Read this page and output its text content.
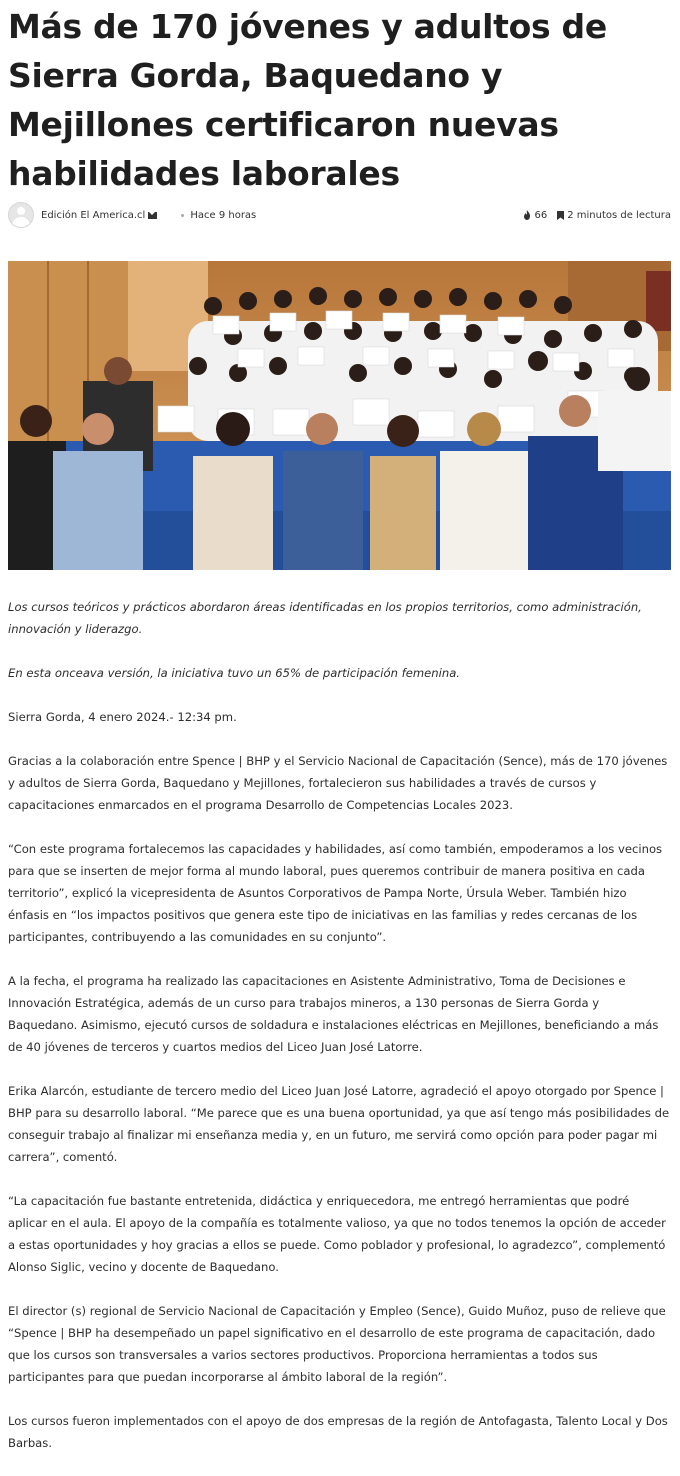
Más de 170 jóvenes y adultos de Sierra Gorda, Baquedano y Mejillones certificaron nuevas habilidades laborales
Edición El America.cl	Hace 9 horas	66 2 minutos de lectura

Los cursos teóricos y prácticos abordaron áreas identificadas en los propios territorios, como administración, innovación y liderazgo.

En esta onceava versión, la iniciativa tuvo un 65% de participación femenina.

Sierra Gorda, 4 enero 2024.- 12:34 pm.

Gracias a la colaboración entre Spence | BHP y el Servicio Nacional de Capacitación (Sence), más de 170 jóvenes y adultos de Sierra Gorda, Baquedano y Mejillones, fortalecieron sus habilidades a través de cursos y capacitaciones enmarcados en el programa Desarrollo de Competencias Locales 2023.

“Con este programa fortalecemos las capacidades y habilidades, así como también, empoderamos a los vecinos para que se inserten de mejor forma al mundo laboral, pues queremos contribuir de manera positiva en cada territorio”, explicó la vicepresidenta de Asuntos Corporativos de Pampa Norte, Úrsula Weber. También hizo énfasis en “los impactos positivos que genera este tipo de iniciativas en las familias y redes cercanas de los participantes, contribuyendo a las comunidades en su conjunto”.

A la fecha, el programa ha realizado las capacitaciones en Asistente Administrativo, Toma de Decisiones e Innovación Estratégica, además de un curso para trabajos mineros, a 130 personas de Sierra Gorda y Baquedano. Asimismo, ejecutó cursos de soldadura e instalaciones eléctricas en Mejillones, beneficiando a más de 40 jóvenes de terceros y cuartos medios del Liceo Juan José Latorre.

Erika Alarcón, estudiante de tercero medio del Liceo Juan José Latorre, agradeció el apoyo otorgado por Spence | BHP para su desarrollo laboral. “Me parece que es una buena oportunidad, ya que así tengo más posibilidades de conseguir trabajo al finalizar mi enseñanza media y, en un futuro, me servirá como opción para poder pagar mi carrera”, comentó.

“La capacitación fue bastante entretenida, didáctica y enriquecedora, me entregó herramientas que podré aplicar en el aula. El apoyo de la compañía es totalmente valioso, ya que no todos tenemos la opción de acceder a estas oportunidades y hoy gracias a ellos se puede. Como poblador y profesional, lo agradezco”, complementó Alonso Siglic, vecino y docente de Baquedano.

El director (s) regional de Servicio Nacional de Capacitación y Empleo (Sence), Guido Muñoz, puso de relieve que “Spence | BHP ha desempeñado un papel significativo en el desarrollo de este programa de capacitación, dado que los cursos son transversales a varios sectores productivos. Proporciona herramientas a todos sus participantes para que puedan incorporarse al ámbito laboral de la región”.

Los cursos fueron implementados con el apoyo de dos empresas de la región de Antofagasta, Talento Local y Dos Barbas.
